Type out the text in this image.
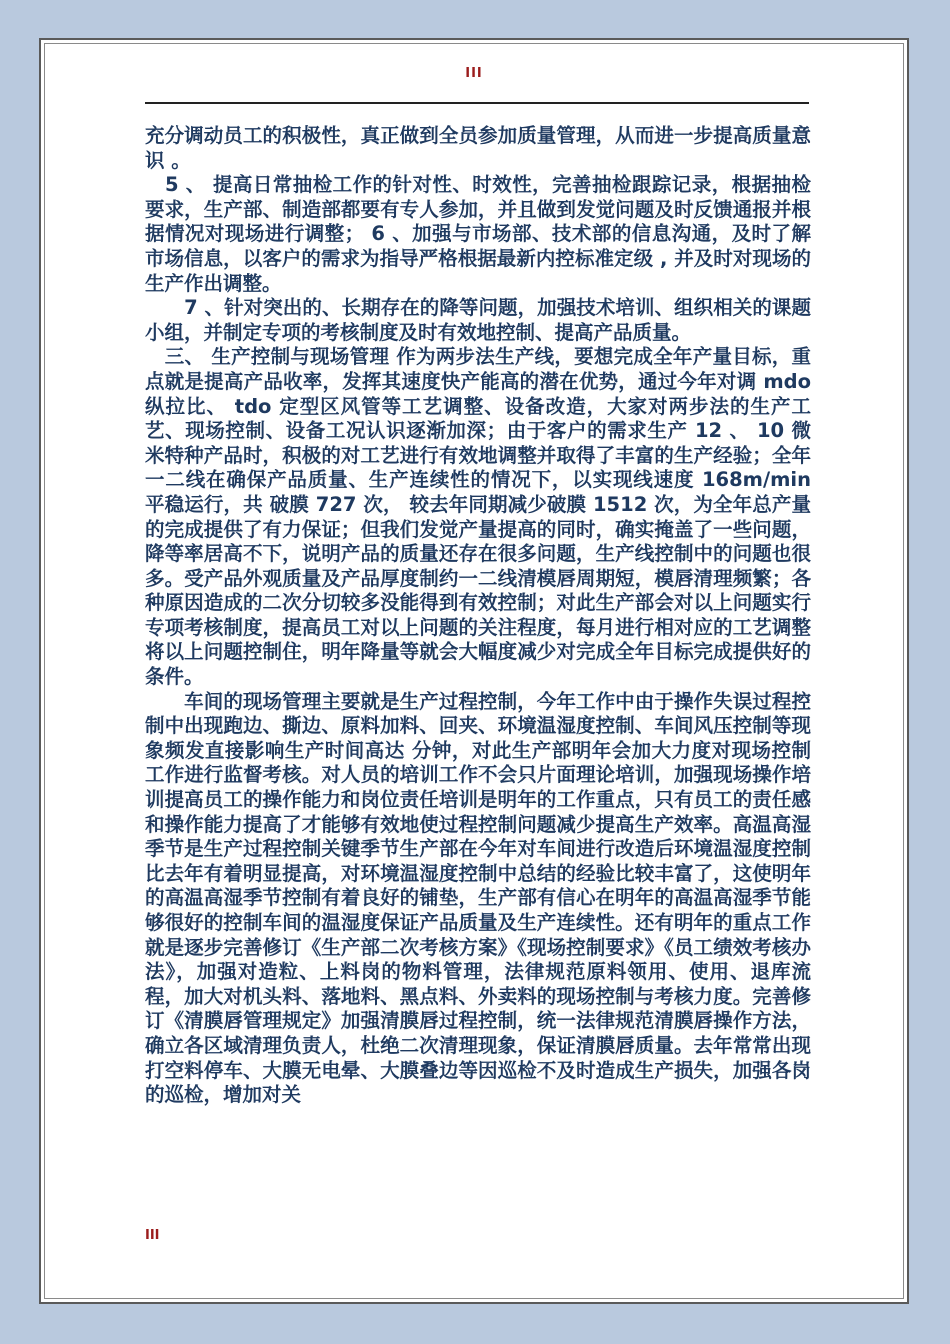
III

充分调动员工的积极性，真正做到全员参加质量管理，从而进一步提高质量意识 。

　5 、 提高日常抽检工作的针对性、时效性，完善抽检跟踪记录，根据抽检要求，生产部、制造部都要有专人参加，并且做到发觉问题及时反馈通报并根据情况对现场进行调整； 6 、加强与市场部、技术部的信息沟通，及时了解市场信息，以客户的需求为指导严格根据最新内控标准定级 , 并及时对现场的生产作出调整。

　　7 、针对突出的、长期存在的降等问题，加强技术培训、组织相关的课题小组，并制定专项的考核制度及时有效地控制、提高产品质量。

　三、 生产控制与现场管理 作为两步法生产线，要想完成全年产量目标，重点就是提高产品收率，发挥其速度快产能高的潜在优势，通过今年对调 mdo 纵拉比、 tdo 定型区风管等工艺调整、设备改造，大家对两步法的生产工艺、现场控制、设备工况认识逐渐加深；由于客户的需求生产 12 、 10 微米特种产品时，积极的对工艺进行有效地调整并取得了丰富的生产经验；全年一二线在确保产品质量、生产连续性的情况下，以实现线速度 168m/min 平稳运行，共 破膜 727 次， 较去年同期减少破膜 1512 次，为全年总产量的完成提供了有力保证；但我们发觉产量提高的同时，确实掩盖了一些问题，降等率居高不下，说明产品的质量还存在很多问题，生产线控制中的问题也很多。受产品外观质量及产品厚度制约一二线清模唇周期短，模唇清理频繁；各种原因造成的二次分切较多没能得到有效控制；对此生产部会对以上问题实行专项考核制度，提高员工对以上问题的关注程度，每月进行相对应的工艺调整将以上问题控制住，明年降量等就会大幅度减少对完成全年目标完成提供好的条件。

　　车间的现场管理主要就是生产过程控制，今年工作中由于操作失误过程控制中出现跑边、撕边、原料加料、回夹、环境温湿度控制、车间风压控制等现象频发直接影响生产时间高达 分钟，对此生产部明年会加大力度对现场控制工作进行监督考核。对人员的培训工作不会只片面理论培训，加强现场操作培训提高员工的操作能力和岗位责任培训是明年的工作重点，只有员工的责任感和操作能力提高了才能够有效地使过程控制问题减少提高生产效率。高温高湿季节是生产过程控制关键季节生产部在今年对车间进行改造后环境温湿度控制比去年有着明显提高，对环境温湿度控制中总结的经验比较丰富了，这使明年的高温高湿季节控制有着良好的铺垫，生产部有信心在明年的高温高湿季节能够很好的控制车间的温湿度保证产品质量及生产连续性。还有明年的重点工作就是逐步完善修订《生产部二次考核方案》《现场控制要求》《员工绩效考核办法》，加强对造粒、上料岗的物料管理，法律规范原料领用、使用、退库流程，加大对机头料、落地料、黑点料、外卖料的现场控制与考核力度。完善修订《清膜唇管理规定》加强清膜唇过程控制，统一法律规范清膜唇操作方法，确立各区域清理负责人，杜绝二次清理现象，保证清膜唇质量。去年常常出现打空料停车、大膜无电晕、大膜叠边等因巡检不及时造成生产损失，加强各岗的巡检，增加对关

III
